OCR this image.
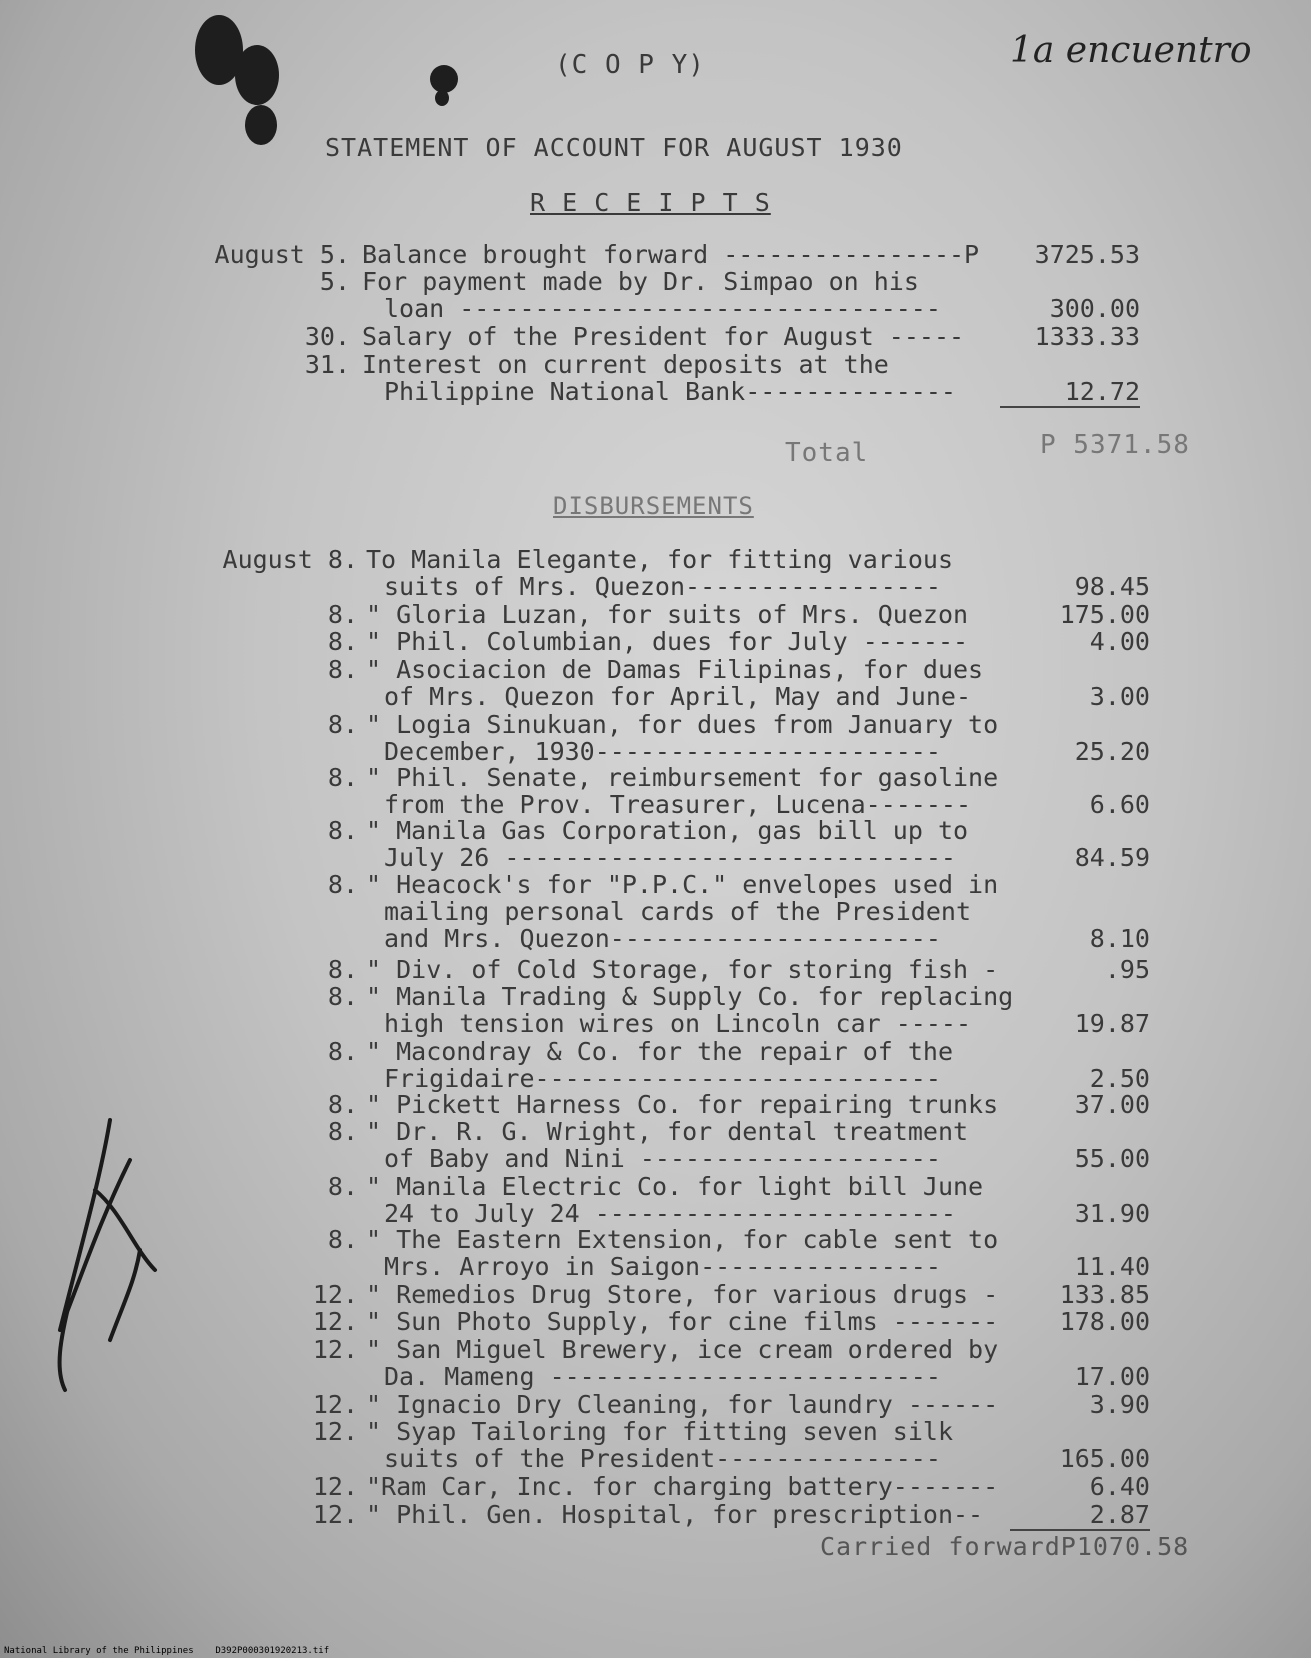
(C O P Y)	1a encuentro
STATEMENT OF ACCOUNT FOR AUGUST 1930
R E C E I P T S
August 5. Balance brought forward ----------------P	3725.53
5. For payment made by Dr. Simpao on his
loan --------------------------------	300.00
30. Salary of the President for August -----	1333.33
31. Interest on current deposits at the
Philippine National Bank--------------	12.72
Total	P 5371.58
DISBURSEMENTS
August 8. To Manila Elegante, for fitting various
suits of Mrs. Quezon-----------------	98.45
8. " Gloria Luzan, for suits of Mrs. Quezon	175.00
8. " Phil. Columbian, dues for July -------	4.00
8. " Asociacion de Damas Filipinas, for dues
of Mrs. Quezon for April, May and June-	3.00
8. " Logia Sinukuan, for dues from January to
December, 1930-----------------------	25.20
8. " Phil. Senate, reimbursement for gasoline
from the Prov. Treasurer, Lucena-------	6.60
8. " Manila Gas Corporation, gas bill up to
July 26 ------------------------------	84.59
8. " Heacock's for "P.P.C." envelopes used in
mailing personal cards of the President
and Mrs. Quezon----------------------	8.10
8. " Div. of Cold Storage, for storing fish -	.95
8. " Manila Trading & Supply Co. for replacing
high tension wires on Lincoln car -----	19.87
8. " Macondray & Co. for the repair of the
Frigidaire---------------------------	2.50
8. " Pickett Harness Co. for repairing trunks	37.00
8. " Dr. R. G. Wright, for dental treatment
of Baby and Nini --------------------	55.00
8. " Manila Electric Co. for light bill June
24 to July 24 ------------------------	31.90
8. " The Eastern Extension, for cable sent to
Mrs. Arroyo in Saigon----------------	11.40
12. " Remedios Drug Store, for various drugs -	133.85
12. " Sun Photo Supply, for cine films -------	178.00
12. " San Miguel Brewery, ice cream ordered by
Da. Mameng --------------------------	17.00
12. " Ignacio Dry Cleaning, for laundry ------	3.90
12. " Syap Tailoring for fitting seven silk
suits of the President---------------	165.00
12. "Ram Car, Inc. for charging battery-------	6.40
12. " Phil. Gen. Hospital, for prescription--	2.87
Carried forwardP1070.58
National Library of the Philippines    D392P000301920213.tif
